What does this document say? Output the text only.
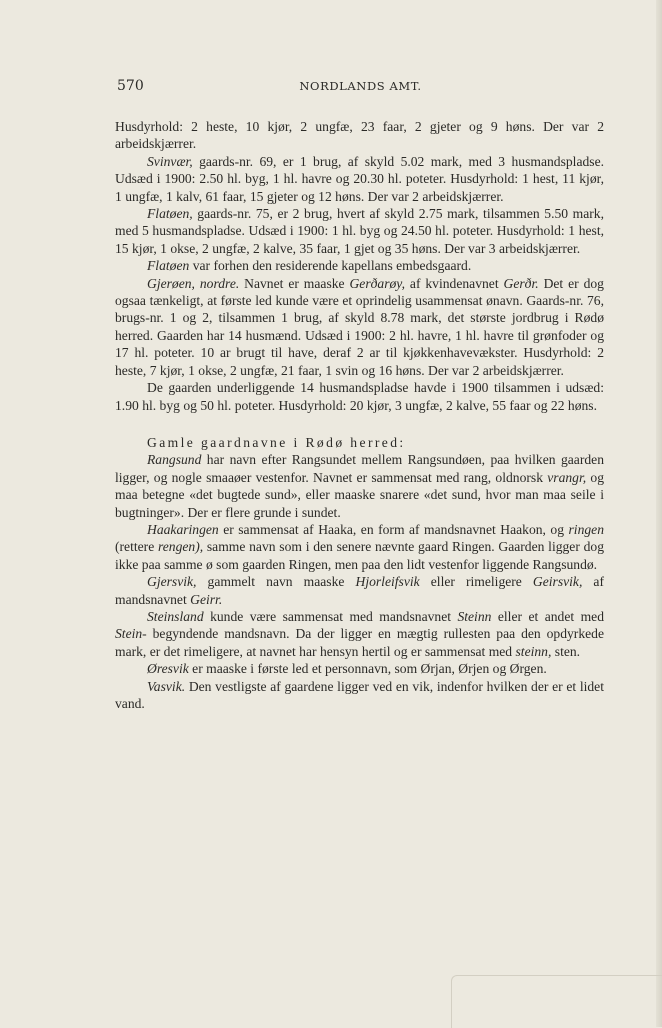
570	NORDLANDS AMT.

Husdyrhold: 2 heste, 10 kjør, 2 ungfæ, 23 faar, 2 gjeter og 9 høns. Der var 2 arbeidskjærrer.

Svinvær, gaards-nr. 69, er 1 brug, af skyld 5.02 mark, med 3 husmandspladse. Udsæd i 1900: 2.50 hl. byg, 1 hl. havre og 20.30 hl. poteter. Husdyrhold: 1 hest, 11 kjør, 1 ungfæ, 1 kalv, 61 faar, 15 gjeter og 12 høns. Der var 2 arbeidskjærrer.

Flatøen, gaards-nr. 75, er 2 brug, hvert af skyld 2.75 mark, tilsammen 5.50 mark, med 5 husmandspladse. Udsæd i 1900: 1 hl. byg og 24.50 hl. poteter. Husdyrhold: 1 hest, 15 kjør, 1 okse, 2 ungfæ, 2 kalve, 35 faar, 1 gjet og 35 høns. Der var 3 arbeidskjærrer.

Flatøen var forhen den residerende kapellans embedsgaard.

Gjerøen, nordre. Navnet er maaske Gerðarøy, af kvindenavnet Gerðr. Det er dog ogsaa tænkeligt, at første led kunde være et oprindelig usammensat ønavn. Gaards-nr. 76, brugs-nr. 1 og 2, tilsammen 1 brug, af skyld 8.78 mark, det største jordbrug i Rødø herred. Gaarden har 14 husmænd. Udsæd i 1900: 2 hl. havre, 1 hl. havre til grønfoder og 17 hl. poteter. 10 ar brugt til have, deraf 2 ar til kjøkkenhavevækster. Husdyrhold: 2 heste, 7 kjør, 1 okse, 2 ungfæ, 21 faar, 1 svin og 16 høns. Der var 2 arbeidskjærrer.

De gaarden underliggende 14 husmandspladse havde i 1900 tilsammen i udsæd: 1.90 hl. byg og 50 hl. poteter. Husdyrhold: 20 kjør, 3 ungfæ, 2 kalve, 55 faar og 22 høns.

Gamle gaardnavne i Rødø herred:

Rangsund har navn efter Rangsundet mellem Rangsundøen, paa hvilken gaarden ligger, og nogle smaaøer vestenfor. Navnet er sammensat med rang, oldnorsk vrangr, og maa betegne «det bugtede sund», eller maaske snarere «det sund, hvor man maa seile i bugtninger». Der er flere grunde i sundet.

Haakaringen er sammensat af Haaka, en form af mandsnavnet Haakon, og ringen (rettere rengen), samme navn som i den senere nævnte gaard Ringen. Gaarden ligger dog ikke paa samme ø som gaarden Ringen, men paa den lidt vestenfor liggende Rangsundø.

Gjersvik, gammelt navn maaske Hjorleifsvik eller rimeligere Geirsvik, af mandsnavnet Geirr.

Steinsland kunde være sammensat med mandsnavnet Steinn eller et andet med Stein- begyndende mandsnavn. Da der ligger en mægtig rullesten paa den opdyrkede mark, er det rimeligere, at navnet har hensyn hertil og er sammensat med steinn, sten.

Øresvik er maaske i første led et personnavn, som Ørjan, Ørjen og Ørgen.

Vasvik. Den vestligste af gaardene ligger ved en vik, indenfor hvilken der er et lidet vand.
